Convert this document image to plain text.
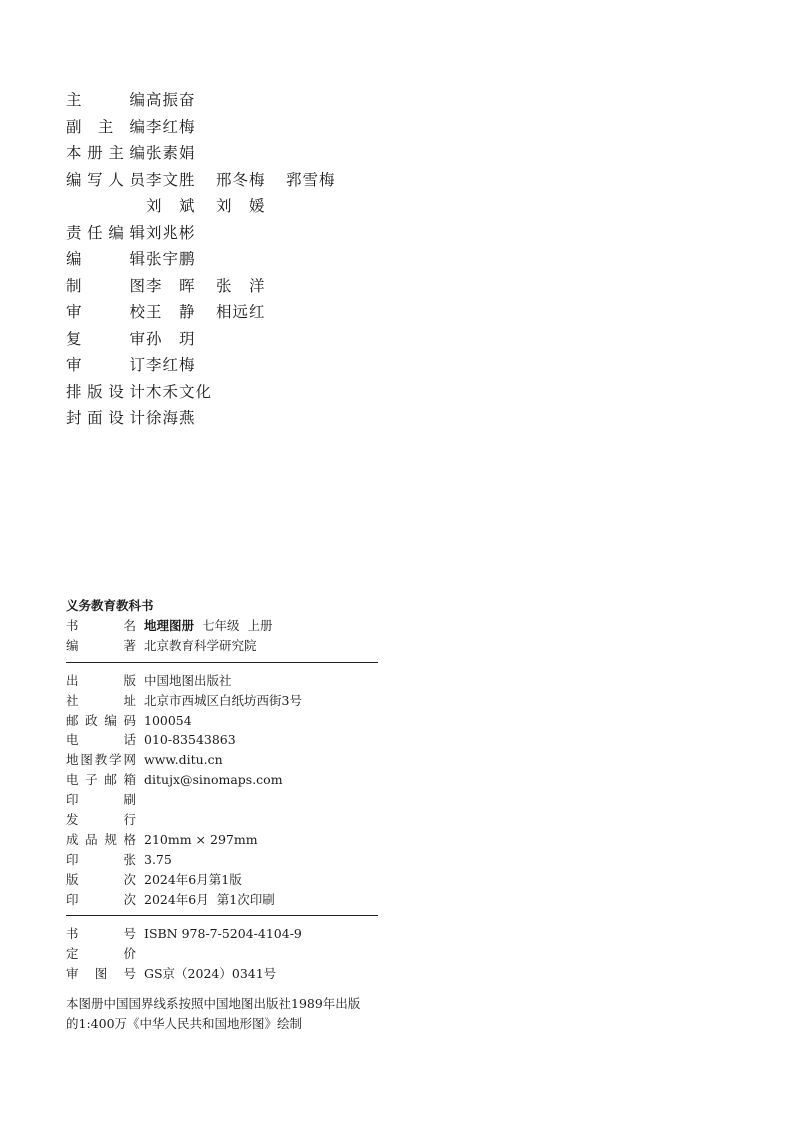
主	编 高振奋
副 主 编 李红梅
本 册 主 编 张素娟
编 写 人 员 李文胜	邢冬梅	郛雪梅
刘　斌	刘　媛
责 任 编 辑 刘兆彬
编	辑 张宇鹏
制	图 李　晖	张　洋
审	校 王　静	相远红
复	审 孙　玥
审	订 李红梅
排 版 设 计 木禾文化
封 面 设 计 徐海燕
义务教育教科书
书	名 地理图册 七年级 上册
编	著 北京教育科学研究院
出	版 中国地图出版社
社	址 北京市西城区白纸坊西街3号
邮 政 编 码 100054
电	话 010-83543863
地 图 教 学 网 www.ditu.cn
电 子 邮 箱 ditujx@sinomaps.com
印	刷
发	行
成 品 规 格 210mm × 297mm
印	张 3.75
版	次 2024年6月第1版
印	次 2024年6月 第1次印刷
书	号 ISBN 978-7-5204-4104-9
定	价
审 图 号 GS京（2024）0341号
本图册中国国界线系按照中国地图出版社1989年出版的1:400万《中华人民共和国地形图》绘制
